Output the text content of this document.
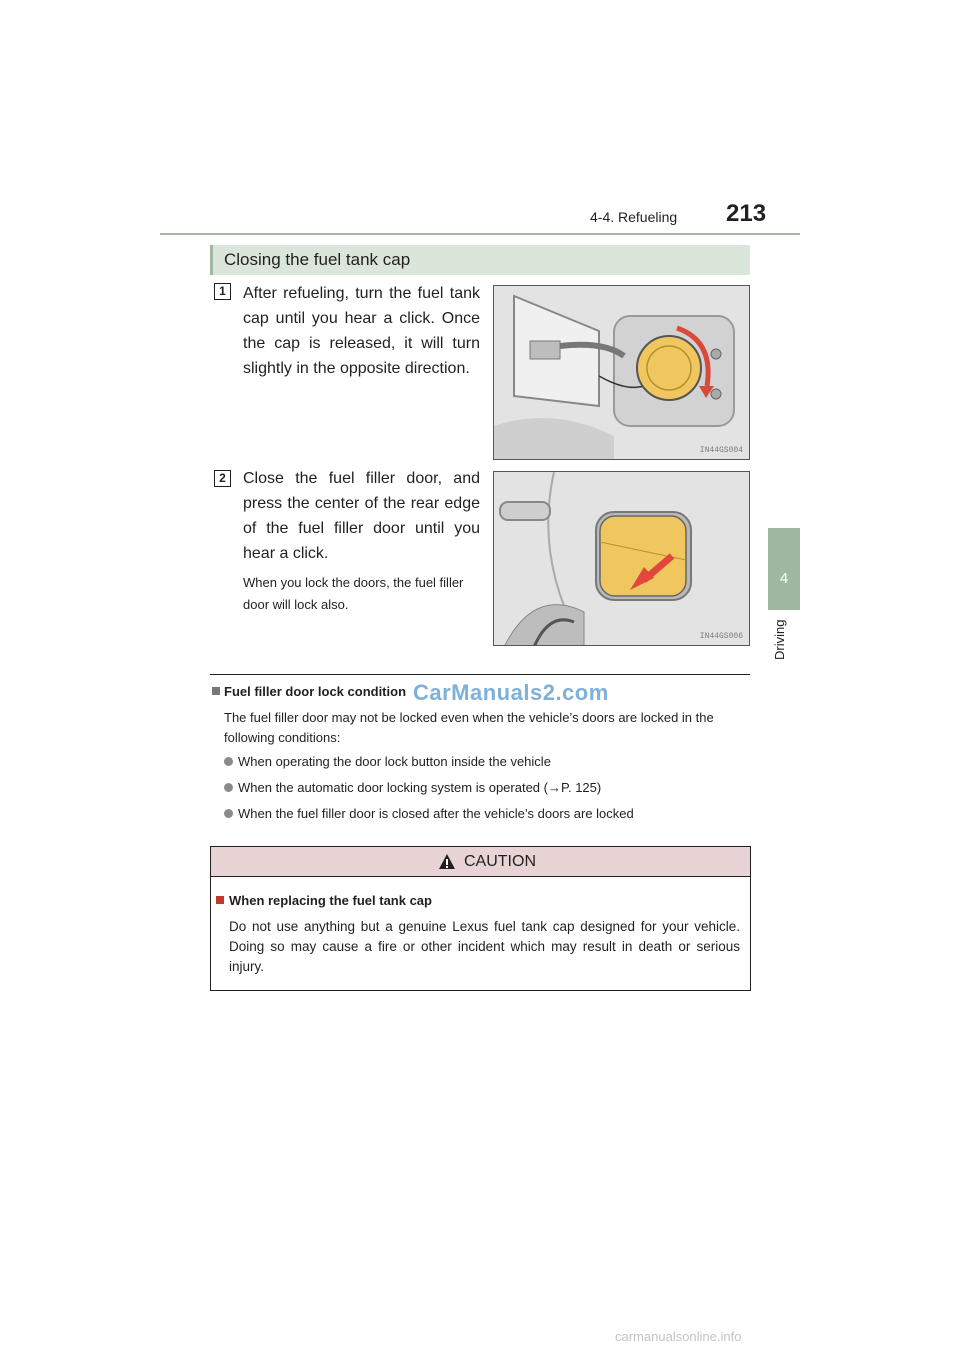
4-4. Refueling 213
4
Driving
Closing the fuel tank cap
1	After refueling, turn the fuel tank cap until you hear a click. Once the cap is released, it will turn slightly in the opposite direction.
IN44GS004
2	Close the fuel filler door, and press the center of the rear edge of the fuel filler door until you hear a click.
When you lock the doors, the fuel filler door will lock also.
IN44GS006
Fuel filler door lock condition CarManuals2.com
The fuel filler door may not be locked even when the vehicle’s doors are locked in the following conditions:
When operating the door lock button inside the vehicle
When the automatic door locking system is operated (→P. 125)
When the fuel filler door is closed after the vehicle’s doors are locked
CAUTION
When replacing the fuel tank cap
Do not use anything but a genuine Lexus fuel tank cap designed for your vehicle. Doing so may cause a fire or other incident which may result in death or serious injury.
carmanualsonline.info
